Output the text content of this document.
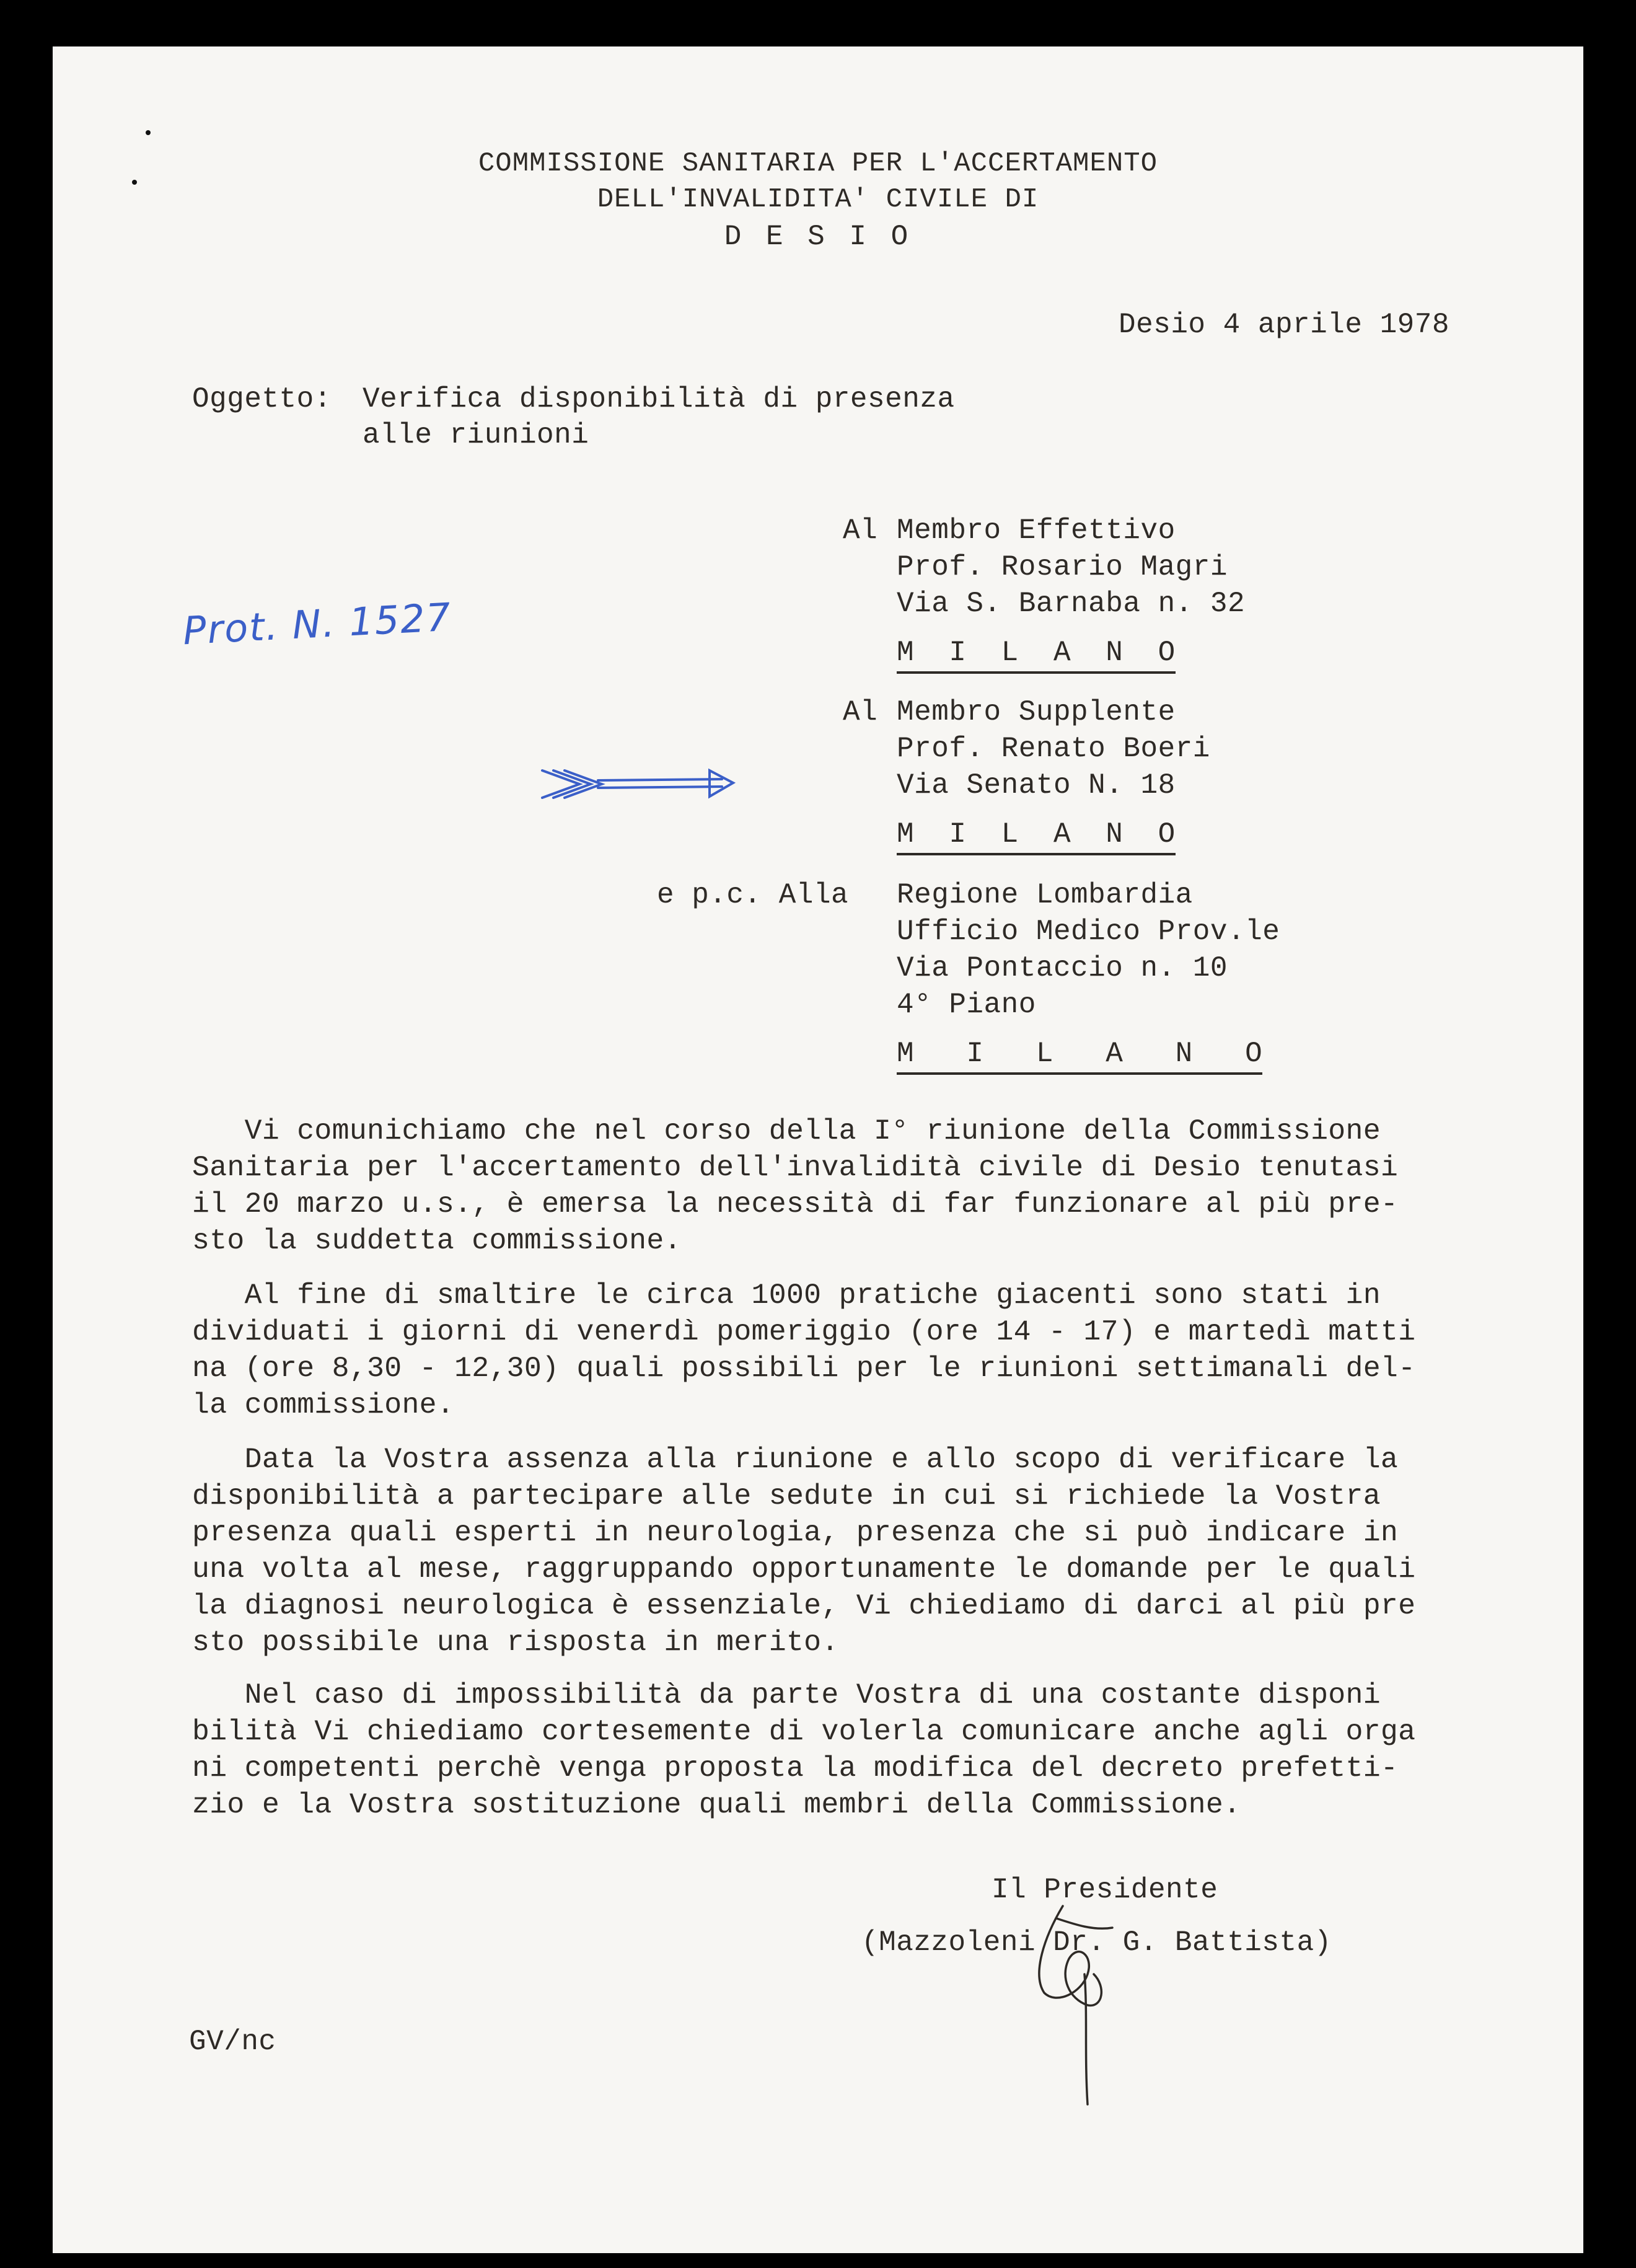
COMMISSIONE SANITARIA PER L'ACCERTAMENTO
DELL'INVALIDITA' CIVILE DI
D E S I O
Desio 4 aprile 1978
Oggetto: Verifica disponibilità di presenza
alle riunioni
Al Membro Effettivo
Prof. Rosario Magri
Via S. Barnaba n. 32
M  I  L  A  N  O
Prot. N. 1527
Al Membro Supplente
Prof. Renato Boeri
Via Senato N. 18
M  I  L  A  N  O
e p.c. Alla Regione Lombardia
Ufficio Medico Prov.le
Via Pontaccio n. 10
4° Piano
M   I   L   A   N   O
Vi comunichiamo che nel corso della I° riunione della Commissione
Sanitaria per l'accertamento dell'invalidità civile di Desio tenutasi
il 20 marzo u.s., è emersa la necessità di far funzionare al più pre-
sto la suddetta commissione.
Al fine di smaltire le circa 1000 pratiche giacenti sono stati in
dividuati i giorni di venerdì pomeriggio (ore 14 - 17) e martedì matti
na (ore 8,30 - 12,30) quali possibili per le riunioni settimanali del-
la commissione.
Data la Vostra assenza alla riunione e allo scopo di verificare la
disponibilità a partecipare alle sedute in cui si richiede la Vostra
presenza quali esperti in neurologia, presenza che si può indicare in
una volta al mese, raggruppando opportunamente le domande per le quali
la diagnosi neurologica è essenziale, Vi chiediamo di darci al più pre
sto possibile una risposta in merito.
Nel caso di impossibilità da parte Vostra di una costante disponi
bilità Vi chiediamo cortesemente di volerla comunicare anche agli orga
ni competenti perchè venga proposta la modifica del decreto prefetti-
zio e la Vostra sostituzione quali membri della Commissione.
Il Presidente
(Mazzoleni Dr. G. Battista)
GV/nc
